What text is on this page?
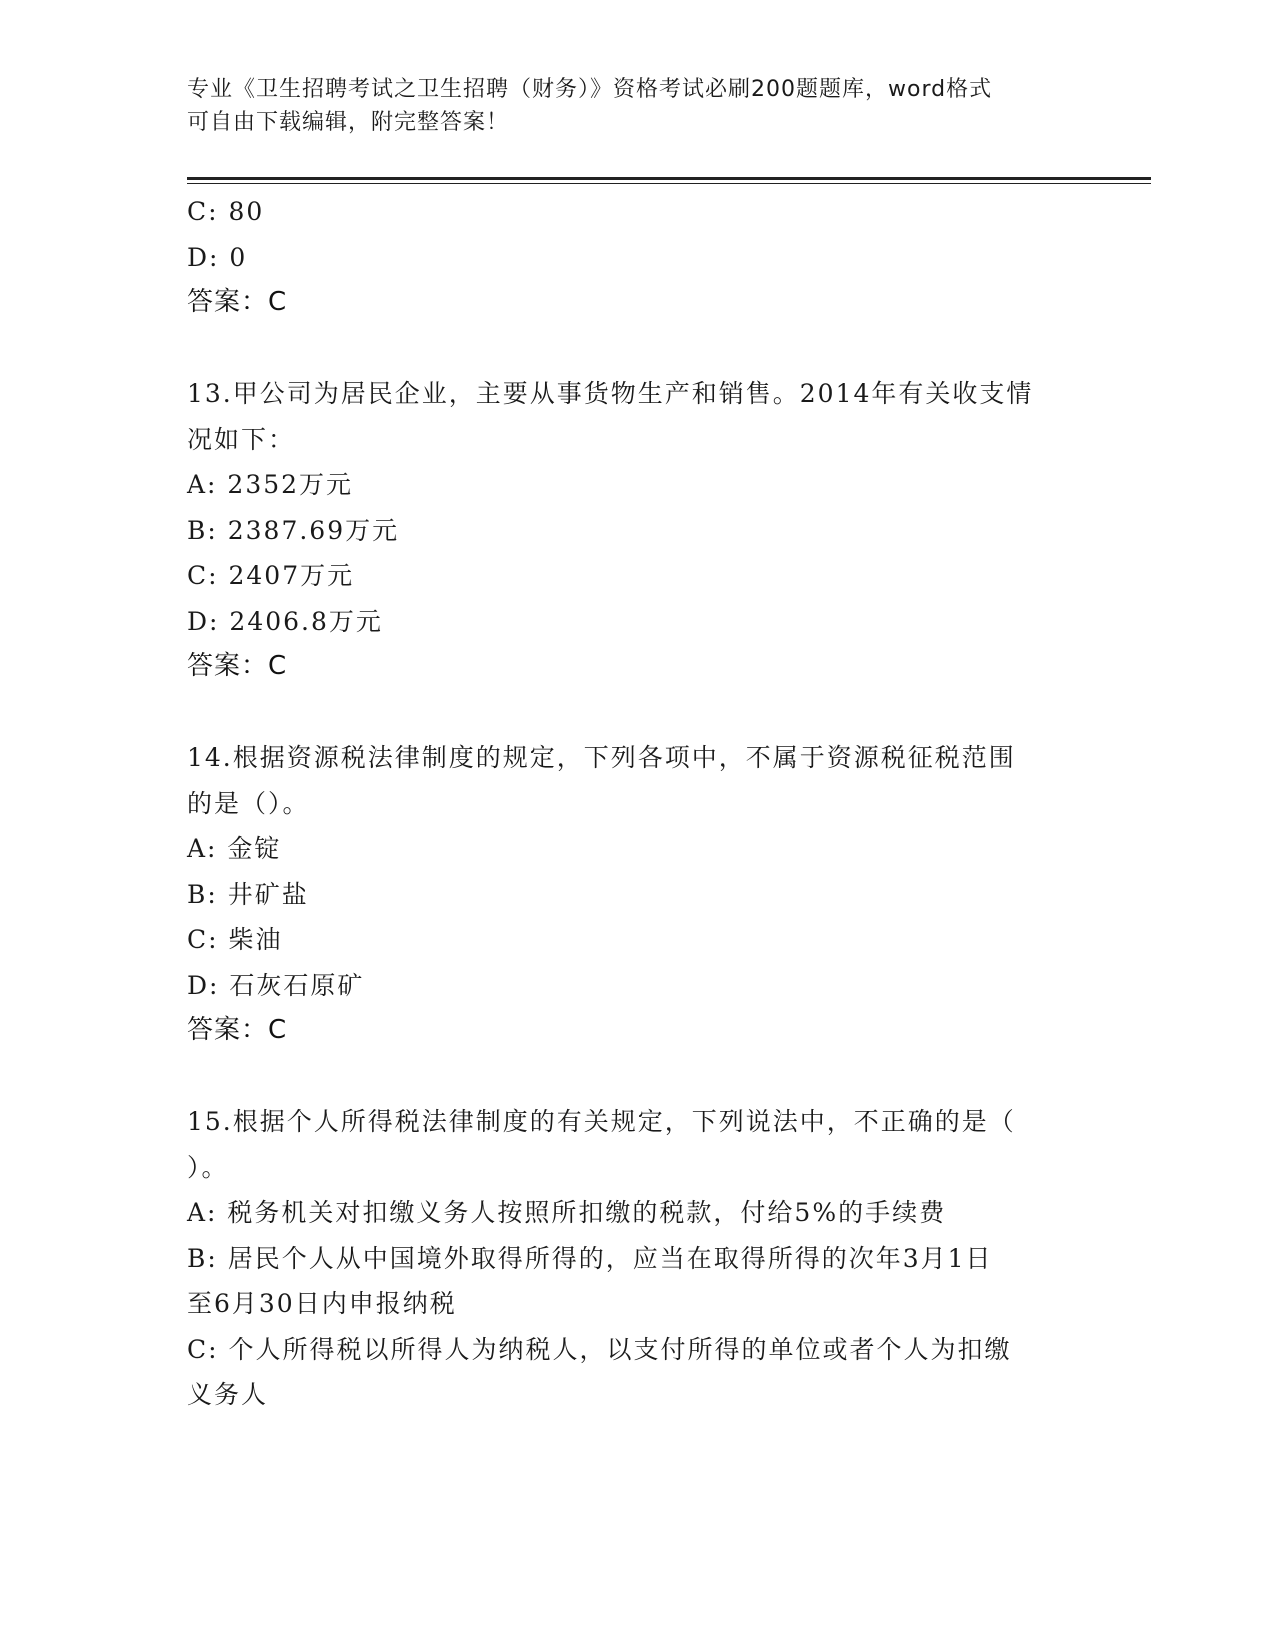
专业《卫生招聘考试之卫生招聘（财务）》资格考试必刷200题题库，word格式
可自由下载编辑，附完整答案！
C: 80
D: 0
答案：C
13.甲公司为居民企业，主要从事货物生产和销售。2014年有关收支情
况如下：
A: 2352万元
B: 2387.69万元
C: 2407万元
D: 2406.8万元
答案：C
14.根据资源税法律制度的规定，下列各项中，不属于资源税征税范围
的是（）。
A: 金锭
B: 井矿盐
C: 柴油
D: 石灰石原矿
答案：C
15.根据个人所得税法律制度的有关规定，下列说法中，不正确的是（
）。
A: 税务机关对扣缴义务人按照所扣缴的税款，付给5%的手续费
B: 居民个人从中国境外取得所得的，应当在取得所得的次年3月1日
至6月30日内申报纳税
C: 个人所得税以所得人为纳税人，以支付所得的单位或者个人为扣缴
义务人
